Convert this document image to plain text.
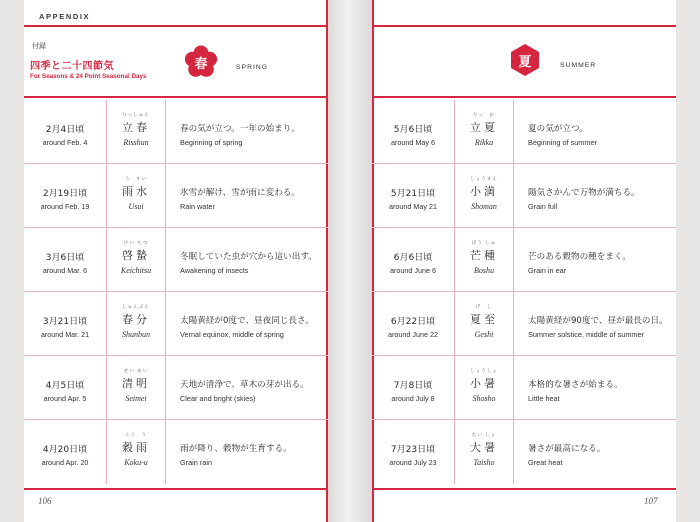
APPENDIX
付録
四季と二十四節気
For Seasons & 24 Point Seasonal Days
春	SPRING
2月4日頃
around Feb. 4
りっしゅん
立春
Risshun
春の気が立つ。一年の始まり。
Beginning of spring
2月19日頃
around Feb. 19
う　すい
雨水
Usui
氷雪が解け、雪が雨に変わる。
Rain water
3月6日頃
around Mar. 6
けい ちつ
啓蟄
Keichitsu
冬眠していた虫が穴から這い出す。
Awakening of insects
3月21日頃
around Mar. 21
しゅんぶん
春分
Shunbun
太陽黄経が0度で、昼夜同じ長さ。
Vernal equinox, middle of spring
4月5日頃
around Apr. 5
せい めい
清明
Seimei
天地が清浄で、草木の芽が出る。
Clear and bright (skies)
4月20日頃
around Apr. 20
こく　う
穀雨
Koku-u
雨が降り、穀物が生育する。
Grain rain
106
夏	SUMMER
5月6日頃
around May 6
りっ　か
立夏
Rikka
夏の気が立つ。
Beginning of summer
5月21日頃
around May 21
しょうまん
小満
Shoman
陽気さかんで万物が満ちる。
Grain full
6月6日頃
around June 6
ぼう しゅ
芒種
Boshu
芒のある穀物の種をまく。
Grain in ear
6月22日頃
around June 22
げ　し
夏至
Geshi
太陽黄経が90度で、昼が最長の日。
Summer solstice, middle of summer
7月8日頃
around July 8
しょうしょ
小暑
Shosho
本格的な暑さが始まる。
Little heat
7月23日頃
around July 23
たい しょ
大暑
Taisho
暑さが最高になる。
Great heat
107
